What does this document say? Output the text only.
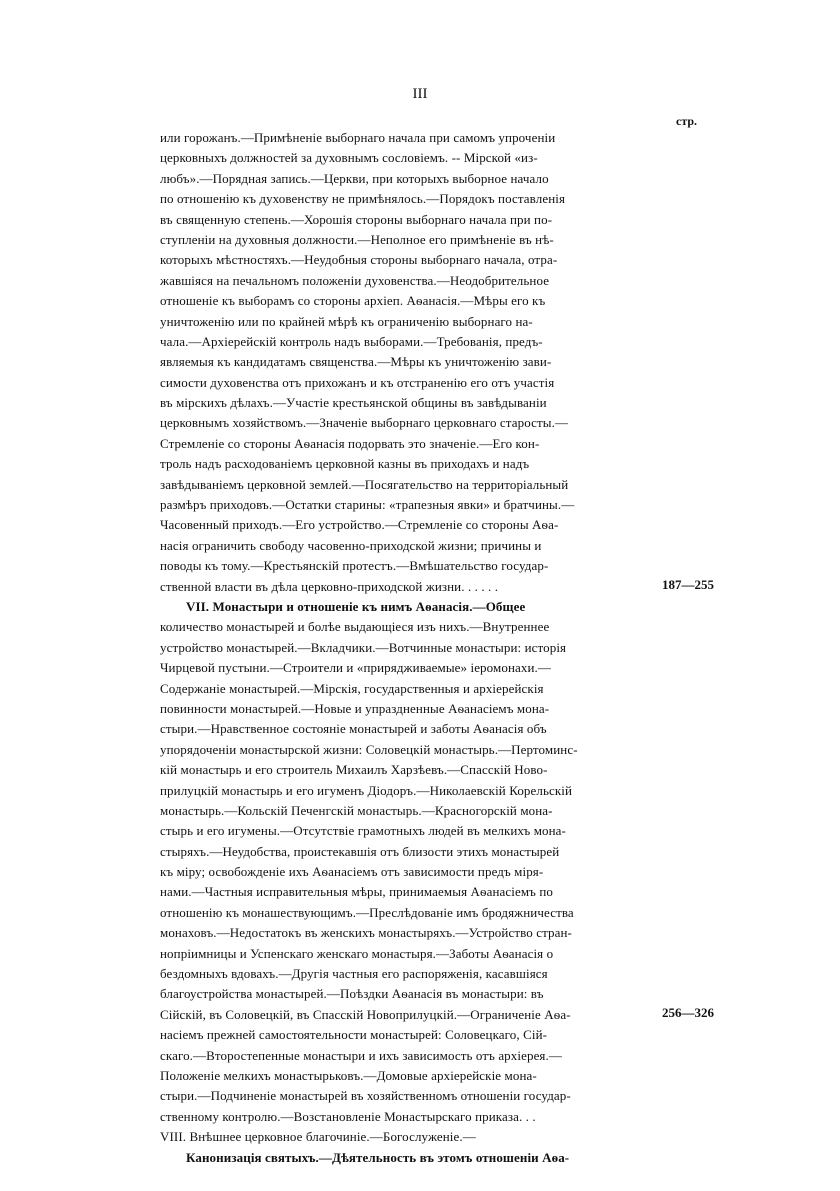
III
стр.
или горожанъ.—Примѣненіе выборнаго начала при самомъ упроченіи
церковныхъ должностей за духовнымъ сословіемъ. -- Мірской «из-
любъ».—Порядная запись.—Церкви, при которыхъ выборное начало
по отношенію къ духовенству не примѣнялось.—Порядокъ поставленія
въ священную степень.—Хорошія стороны выборнаго начала при по-
ступленіи на духовныя должности.—Неполное его примѣненіе въ нѣ-
которыхъ мѣстностяхъ.—Неудобныя стороны выборнаго начала, отра-
жавшіяся на печальномъ положеніи духовенства.—Неодобрительное
отношеніе къ выборамъ со стороны архіеп. Аѳанасія.—Мѣры его къ
уничтоженію или по крайней мѣрѣ къ ограниченію выборнаго на-
чала.—Архіерейскій контроль надъ выборами.—Требованія, предъ-
являемыя къ кандидатамъ священства.—Мѣры къ уничтоженію зави-
симости духовенства отъ прихожанъ и къ отстраненію его отъ участія
въ мірскихъ дѣлахъ.—Участіе крестьянской общины въ завѣдываніи
церковнымъ хозяйствомъ.—Значеніе выборнаго церковнаго старосты.—
Стремленіе со стороны Аѳанасія подорвать это значеніе.—Его кон-
троль надъ расходованіемъ церковной казны въ приходахъ и надъ
завѣдываніемъ церковной землей.—Посягательство на территоріальный
размѣръ приходовъ.—Остатки старины: «трапезныя явки» и братчины.—
Часовенный приходъ.—Его устройство.—Стремленіе со стороны Аѳа-
насія ограничить свободу часовенно-приходской жизни; причины и
поводы къ тому.—Крестьянскій протестъ.—Вмѣшательство государ-
ственной власти въ дѣла церковно-приходской жизни. . . . . .
VII. Монастыри и отношеніе къ нимъ Аѳанасія.—Общее
количество монастырей и болѣе выдающіеся изъ нихъ.—Внутреннее
устройство монастырей.—Вкладчики.—Вотчинные монастыри: исторія
Чирцевой пустыни.—Строители и «прирядживаемые» іеромонахи.—
Содержаніе монастырей.—Мірскія, государственныя и архіерейскія
повинности монастырей.—Новые и упраздненные Аѳанасіемъ мона-
стыри.—Нравственное состояніе монастырей и заботы Аѳанасія объ
упорядоченіи монастырской жизни: Соловецкій монастырь.—Пертоминс-
кій монастырь и его строитель Михаилъ Харзѣевъ.—Спасскій Ново-
прилуцкій монастырь и его игуменъ Діодоръ.—Николаевскій Корельскій
монастырь.—Кольскій Печенгскій монастырь.—Красногорскій мона-
стырь и его игумены.—Отсутствіе грамотныхъ людей въ мелкихъ мона-
стыряхъ.—Неудобства, проистекавшія отъ близости этихъ монастырей
къ міру; освобожденіе ихъ Аѳанасіемъ отъ зависимости предъ міря-
нами.—Частныя исправительныя мѣры, принимаемыя Аѳанасіемъ по
отношенію къ монашествующимъ.—Преслѣдованіе имъ бродяжничества
монаховъ.—Недостатокъ въ женскихъ монастыряхъ.—Устройство стран-
нопріимницы и Успенскаго женскаго монастыря.—Заботы Аѳанасія о
бездомныхъ вдовахъ.—Другія частныя его распоряженія, касавшіяся
благоустройства монастырей.—Поѣздки Аѳанасія въ монастыри: въ
Сійскій, въ Соловецкій, въ Спасскій Новоприлуцкій.—Ограниченіе Аѳа-
насіемъ прежней самостоятельности монастырей: Соловецкаго, Сій-
скаго.—Второстепенные монастыри и ихъ зависимость отъ архіерея.—
Положеніе мелкихъ монастырьковъ.—Домовые архіерейскіе мона-
стыри.—Подчиненіе монастырей въ хозяйственномъ отношеніи государ-
ственному контролю.—Возстановленіе Монастырскаго приказа. . .
VIII. Внѣшнее церковное благочиніе.—Богослуженіе.—
Канонизація святыхъ.—Дѣятельность въ этомъ отношеніи Аѳа-
187—255
256—326
